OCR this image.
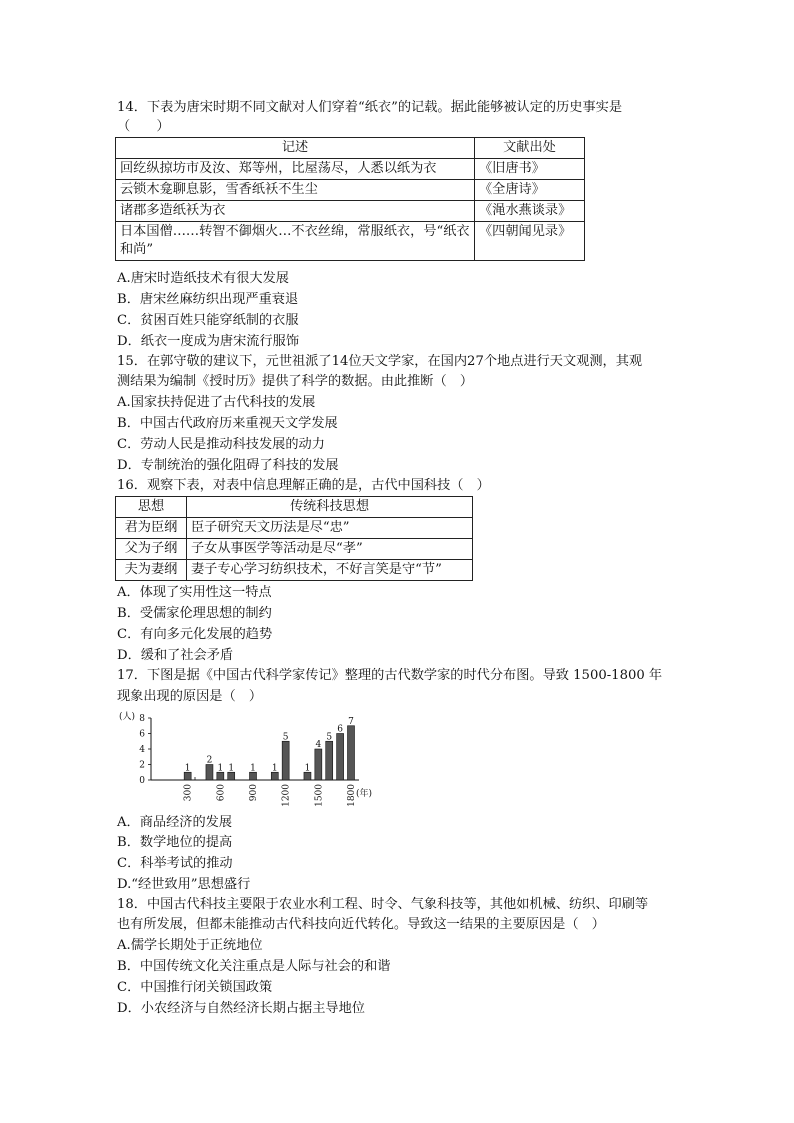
14．下表为唐宋时期不同文献对人们穿着“纸衣”的记载。据此能够被认定的历史事实是
（　　）
记述	文献出处
回纥纵掠坊市及汝、郑等州，比屋荡尽，人悉以纸为衣	《旧唐书》
云锁木龛聊息影，雪香纸袄不生尘	《全唐诗》
诸郡多造纸袄为衣	《渑水燕谈录》
日本国僧……转智不御烟火…不衣丝绵，常服纸衣，号“纸衣和尚”	《四朝闻见录》
A.唐宋时造纸技术有很大发展
B．唐宋丝麻纺织出现严重衰退
C．贫困百姓只能穿纸制的衣服
D．纸衣一度成为唐宋流行服饰
15．在郭守敬的建议下，元世祖派了14位天文学家，在国内27个地点进行天文观测，其观
测结果为编制《授时历》提供了科学的数据。由此推断（　）
A.国家扶持促进了古代科技的发展
B．中国古代政府历来重视天文学发展
C．劳动人民是推动科技发展的动力
D．专制统治的强化阻碍了科技的发展
16．观察下表，对表中信息理解正确的是，古代中国科技（　）
思想	传统科技思想
君为臣纲	臣子研究天文历法是尽“忠”
父为子纲	子女从事医学等活动是尽“孝”
夫为妻纲	妻子专心学习纺织技术，不好言笑是守“节”
A．体现了实用性这一特点
B．受儒家伦理思想的制约
C．有向多元化发展的趋势
D．缓和了社会矛盾
17．下图是据《中国古代科学家传记》整理的古代数学家的时代分布图。导致 1500-1800 年
现象出现的原因是（　）
(人)
0
2
4
6
8
1
2
1 1 1 1
5
1
4
5
6
7
300	600	900	1200	1500	1800 (年)
A．商品经济的发展
B．数学地位的提高
C．科举考试的推动
D.“经世致用”思想盛行
18．中国古代科技主要限于农业水利工程、时令、气象科技等，其他如机械、纺织、印刷等
也有所发展，但都未能推动古代科技向近代转化。导致这一结果的主要原因是（　）
A.儒学长期处于正统地位
B．中国传统文化关注重点是人际与社会的和谐
C．中国推行闭关锁国政策
D．小农经济与自然经济长期占据主导地位
